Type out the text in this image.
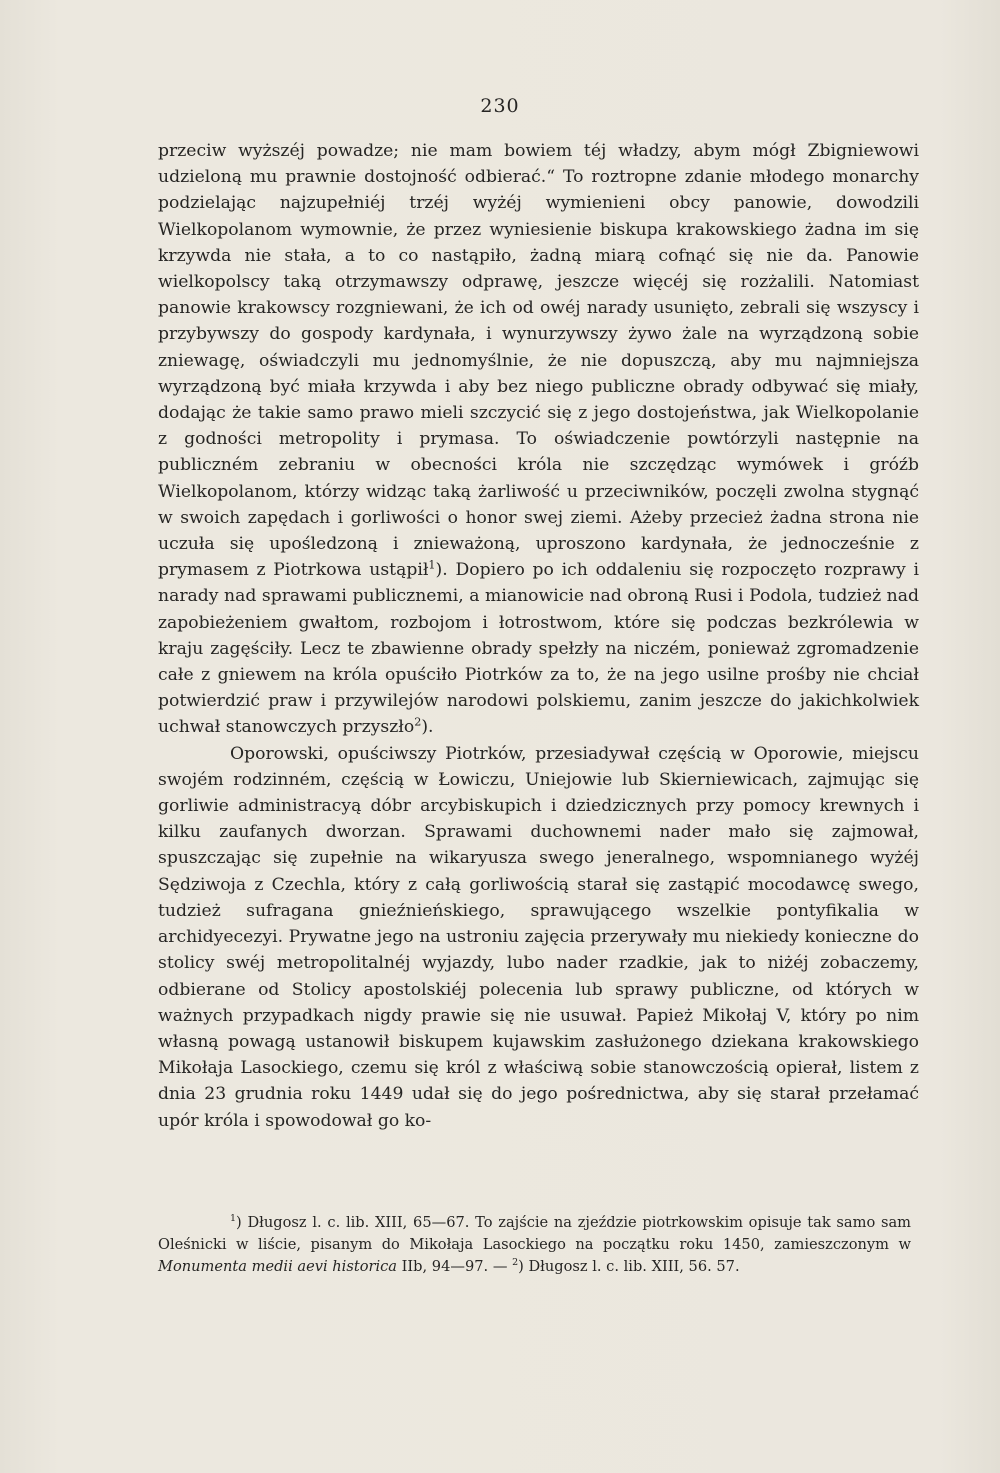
230

przeciw wyższéj powadze; nie mam bowiem téj władzy, abym mógł Zbigniewowi udzieloną mu prawnie dostojność odbierać.“ To roztropne zdanie młodego monarchy podzielając najzupełniéj trzéj wyżéj wymienieni obcy panowie, dowodzili Wielkopolanom wymownie, że przez wyniesienie biskupa krakowskiego żadna im się krzywda nie stała, a to co nastąpiło, żadną miarą cofnąć się nie da. Panowie wielkopolscy taką otrzymawszy odprawę, jeszcze więcéj się rozżalili. Natomiast panowie krakowscy rozgniewani, że ich od owéj narady usunięto, zebrali się wszyscy i przybywszy do gospody kardynała, i wynurzywszy żywo żale na wyrządzoną sobie zniewagę, oświadczyli mu jednomyślnie, że nie dopuszczą, aby mu najmniejsza wyrządzoną być miała krzywda i aby bez niego publiczne obrady odbywać się miały, dodając że takie samo prawo mieli szczycić się z jego dostojeństwa, jak Wielkopolanie z godności metropolity i prymasa. To oświadczenie powtórzyli następnie na publiczném zebraniu w obecności króla nie szczędząc wymówek i gróźb Wielkopolanom, którzy widząc taką żarliwość u przeciwników, poczęli zwolna stygnąć w swoich zapędach i gorliwości o honor swej ziemi. Ażeby przecież żadna strona nie uczuła się upośledzoną i znieważoną, uproszono kardynała, że jednocześnie z prymasem z Piotrkowa ustąpił$^1$). Dopiero po ich oddaleniu się rozpoczęto rozprawy i narady nad sprawami publicznemi, a mianowicie nad obroną Rusi i Podola, tudzież nad zapobieżeniem gwałtom, rozbojom i łotrostwom, które się podczas bezkrólewia w kraju zagęściły. Lecz te zbawienne obrady spełzły na niczém, ponieważ zgromadzenie całe z gniewem na króla opuściło Piotrków za to, że na jego usilne prośby nie chciał potwierdzić praw i przywilejów narodowi polskiemu, zanim jeszcze do jakichkolwiek uchwał stanowczych przyszło$^2$).

Oporowski, opuściwszy Piotrków, przesiadywał częścią w Oporowie, miejscu swojém rodzinném, częścią w Łowiczu, Uniejowie lub Skierniewicach, zajmując się gorliwie administracyą dóbr arcybiskupich i dziedzicznych przy pomocy krewnych i kilku zaufanych dworzan. Sprawami duchownemi nader mało się zajmował, spuszczając się zupełnie na wikaryusza swego jeneralnego, wspomnianego wyżéj Sędziwoja z Czechla, który z całą gorliwością starał się zastąpić mocodawcę swego, tudzież sufragana gnieźnieńskiego, sprawującego wszelkie pontyfikalia w archidyecezyi. Prywatne jego na ustroniu zajęcia przerywały mu niekiedy konieczne do stolicy swéj metropolitalnéj wyjazdy, lubo nader rzadkie, jak to niżéj zobaczemy, odbierane od Stolicy apostolskiéj polecenia lub sprawy publiczne, od których w ważnych przypadkach nigdy prawie się nie usuwał. Papież Mikołaj V, który po nim własną powagą ustanowił biskupem kujawskim zasłużonego dziekana krakowskiego Mikołaja Lasockiego, czemu się król z właściwą sobie stanowczością opierał, listem z dnia 23 grudnia roku 1449 udał się do jego pośrednictwa, aby się starał przełamać upór króla i spowodował go ko-

$^1$) Długosz l. c. lib. XIII, 65—67. To zajście na zjeździe piotrkowskim opisuje tak samo sam Oleśnicki w liście, pisanym do Mikołaja Lasockiego na początku roku 1450, zamieszczonym w Monumenta medii aevi historica IIb, 94—97. — $^2$) Długosz l. c. lib. XIII, 56. 57.
